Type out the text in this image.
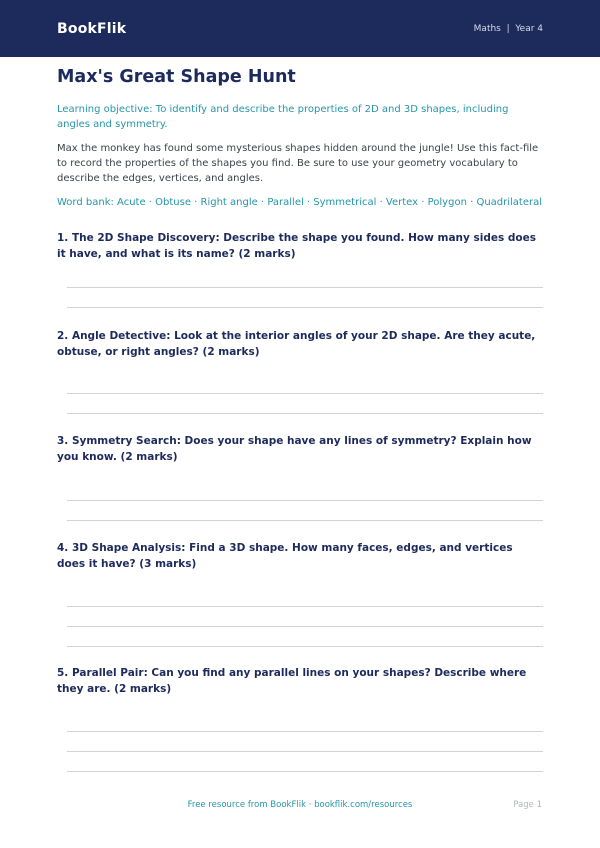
BookFlik	Maths  |  Year 4
Max's Great Shape Hunt
Learning objective: To identify and describe the properties of 2D and 3D shapes, including angles and symmetry.
Max the monkey has found some mysterious shapes hidden around the jungle! Use this fact-file to record the properties of the shapes you find. Be sure to use your geometry vocabulary to describe the edges, vertices, and angles.
Word bank: Acute · Obtuse · Right angle · Parallel · Symmetrical · Vertex · Polygon · Quadrilateral
1. The 2D Shape Discovery: Describe the shape you found. How many sides does it have, and what is its name? (2 marks)
2. Angle Detective: Look at the interior angles of your 2D shape. Are they acute, obtuse, or right angles? (2 marks)
3. Symmetry Search: Does your shape have any lines of symmetry? Explain how you know. (2 marks)
4. 3D Shape Analysis: Find a 3D shape. How many faces, edges, and vertices does it have? (3 marks)
5. Parallel Pair: Can you find any parallel lines on your shapes? Describe where they are. (2 marks)
Free resource from BookFlik · bookflik.com/resources	Page 1
